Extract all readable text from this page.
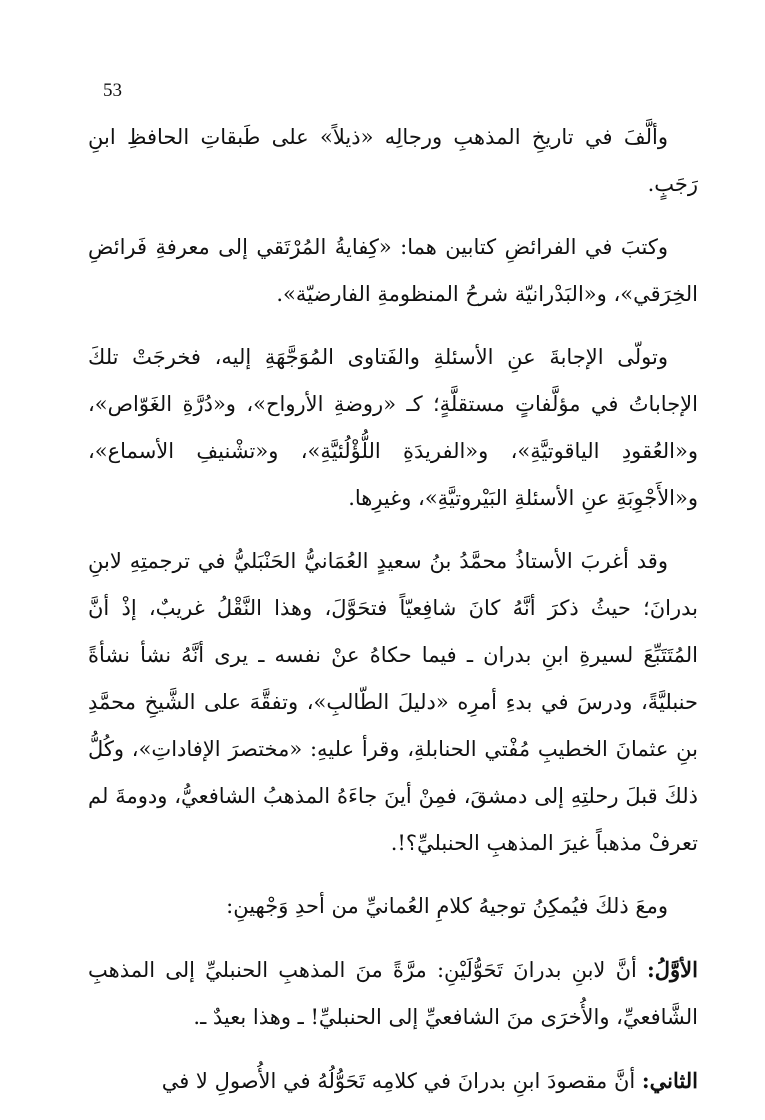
53

وألَّفَ في تاريخِ المذهبِ ورجالِه «ذيلاً» على طَبقاتِ الحافظِ ابنِ رَجَبٍ.

وكتبَ في الفرائضِ كتابين هما: «كِفايةُ المُرْتَقي إلى معرفةِ فَرائضِ الخِرَقي»، و«البَدْرانيّة شرحُ المنظومةِ الفارضيّة».

وتولّى الإجابةَ عنِ الأسئلةِ والفَتاوى المُوَجَّهَةِ إليه، فخرجَتْ تلكَ الإجاباتُ في مؤلَّفاتٍ مستقلَّةٍ؛ كـ «روضةِ الأرواح»، و«دُرَّةِ الغَوّاص»، و«العُقودِ الياقوتيَّةِ»، و«الفريدَةِ اللُّؤْلُئيَّةِ»، و«تشْنيفِ الأسماع»، و«الأَجْوِبَةِ عنِ الأسئلةِ البَيْروتيَّةِ»، وغيرِها.

وقد أغربَ الأستاذُ محمَّدُ بنُ سعيدٍ العُمَانيُّ الحَنْبَليُّ في ترجمتِهِ لابنِ بدرانَ؛ حيثُ ذكرَ أنَّهُ كانَ شافِعيّاً فتحَوَّلَ، وهذا النَّقْلُ غريبٌ، إذْ أنَّ المُتَتَبِّعَ لسيرةِ ابنِ بدران ـ فيما حكاهُ عنْ نفسه ـ يرى أنَّهُ نشأ نشأةً حنبليَّةً، ودرسَ في بدءِ أمرِه «دليلَ الطّالبِ»، وتفقَّهَ على الشَّيخِ محمَّدِ بنِ عثمانَ الخطيبِ مُفْتي الحنابلةِ، وقرأ عليهِ: «مختصرَ الإفاداتِ»، وكُلُّ ذلكَ قبلَ رحلتِهِ إلى دمشقَ، فمِنْ أينَ جاءَهُ المذهبُ الشافعيُّ، ودومةَ لم تعرفْ مذهباً غيرَ المذهبِ الحنبليِّ؟!.

ومعَ ذلكَ فيُمكِنُ توجيهُ كلامِ العُمانيِّ من أحدِ وَجْهينِ:

الأوَّلُ: أنَّ لابنِ بدرانَ تَحَوُّلَيْنِ: مرَّةً منَ المذهبِ الحنبليِّ إلى المذهبِ الشَّافعيِّ، والأُخرَى منَ الشافعيِّ إلى الحنبليِّ! ـ وهذا بعيدٌ ـ.

الثاني: أنَّ مقصودَ ابنِ بدرانَ في كلامِه تَحَوُّلُهُ في الأُصولِ لا في
